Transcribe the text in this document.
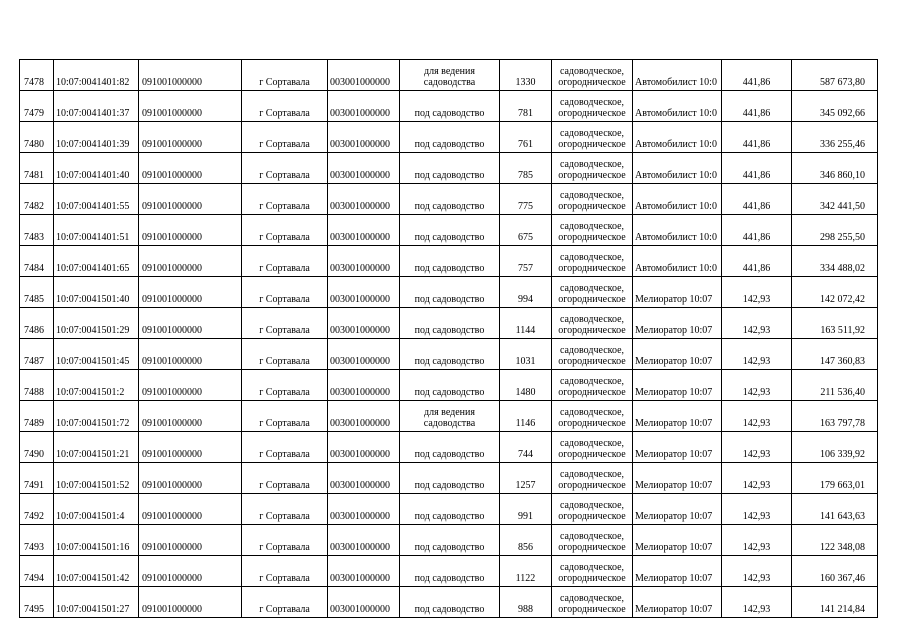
7478	10:07:0041401:82	091001000000	г Сортавала	003001000000	для ведения садоводства	1330	садоводческое, огородническое	Автомобилист 10:0	441,86	587 673,80
7479	10:07:0041401:37	091001000000	г Сортавала	003001000000	под садоводство	781	садоводческое, огородническое	Автомобилист 10:0	441,86	345 092,66
7480	10:07:0041401:39	091001000000	г Сортавала	003001000000	под садоводство	761	садоводческое, огородническое	Автомобилист 10:0	441,86	336 255,46
7481	10:07:0041401:40	091001000000	г Сортавала	003001000000	под садоводство	785	садоводческое, огородническое	Автомобилист 10:0	441,86	346 860,10
7482	10:07:0041401:55	091001000000	г Сортавала	003001000000	под садоводство	775	садоводческое, огородническое	Автомобилист 10:0	441,86	342 441,50
7483	10:07:0041401:51	091001000000	г Сортавала	003001000000	под садоводство	675	садоводческое, огородническое	Автомобилист 10:0	441,86	298 255,50
7484	10:07:0041401:65	091001000000	г Сортавала	003001000000	под садоводство	757	садоводческое, огородническое	Автомобилист 10:0	441,86	334 488,02
7485	10:07:0041501:40	091001000000	г Сортавала	003001000000	под садоводство	994	садоводческое, огородническое	Мелиоратор 10:07	142,93	142 072,42
7486	10:07:0041501:29	091001000000	г Сортавала	003001000000	под садоводство	1144	садоводческое, огородническое	Мелиоратор 10:07	142,93	163 511,92
7487	10:07:0041501:45	091001000000	г Сортавала	003001000000	под садоводство	1031	садоводческое, огородническое	Мелиоратор 10:07	142,93	147 360,83
7488	10:07:0041501:2	091001000000	г Сортавала	003001000000	под садоводство	1480	садоводческое, огородническое	Мелиоратор 10:07	142,93	211 536,40
7489	10:07:0041501:72	091001000000	г Сортавала	003001000000	для ведения садоводства	1146	садоводческое, огородническое	Мелиоратор 10:07	142,93	163 797,78
7490	10:07:0041501:21	091001000000	г Сортавала	003001000000	под садоводство	744	садоводческое, огородническое	Мелиоратор 10:07	142,93	106 339,92
7491	10:07:0041501:52	091001000000	г Сортавала	003001000000	под садоводство	1257	садоводческое, огородническое	Мелиоратор 10:07	142,93	179 663,01
7492	10:07:0041501:4	091001000000	г Сортавала	003001000000	под садоводство	991	садоводческое, огородническое	Мелиоратор 10:07	142,93	141 643,63
7493	10:07:0041501:16	091001000000	г Сортавала	003001000000	под садоводство	856	садоводческое, огородническое	Мелиоратор 10:07	142,93	122 348,08
7494	10:07:0041501:42	091001000000	г Сортавала	003001000000	под садоводство	1122	садоводческое, огородническое	Мелиоратор 10:07	142,93	160 367,46
7495	10:07:0041501:27	091001000000	г Сортавала	003001000000	под садоводство	988	садоводческое, огородническое	Мелиоратор 10:07	142,93	141 214,84
